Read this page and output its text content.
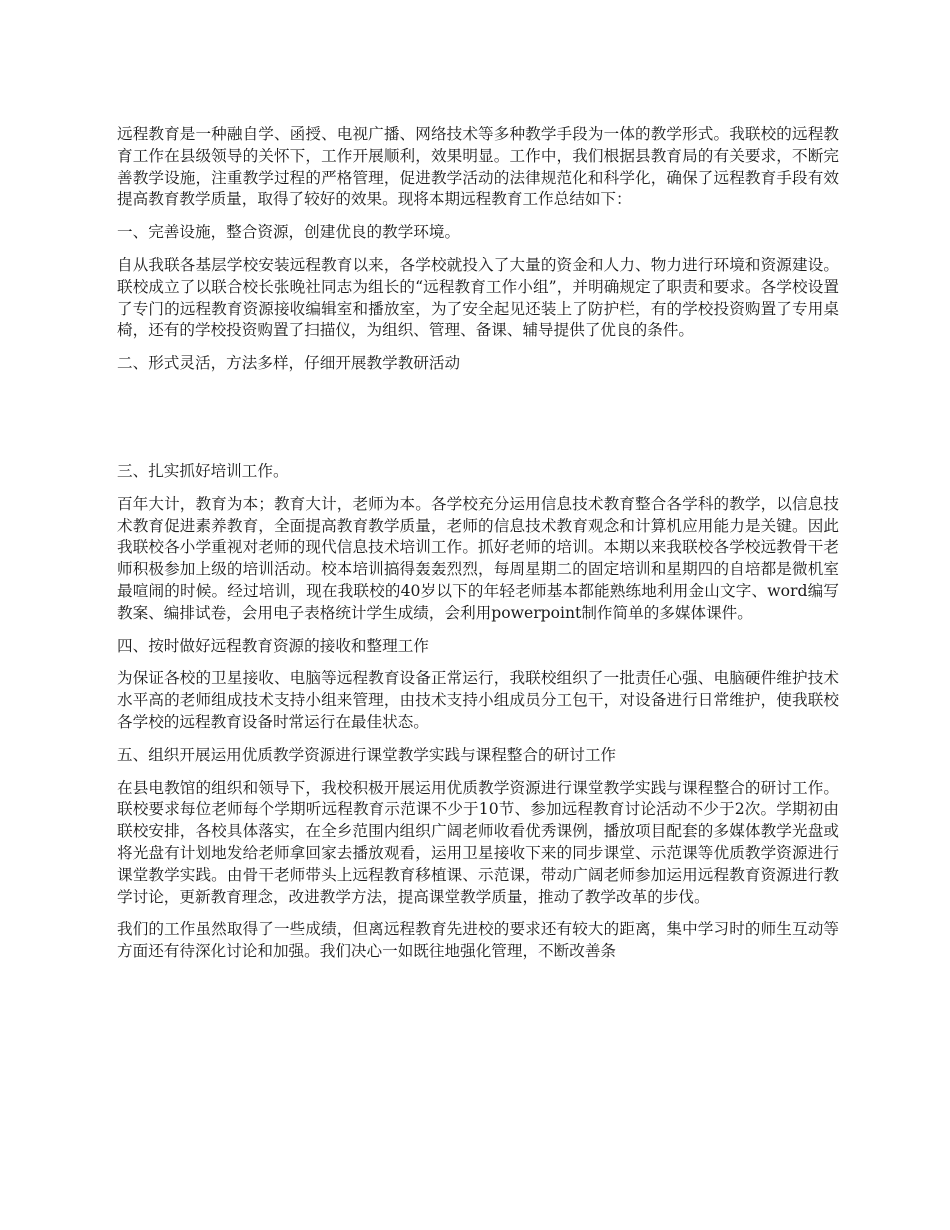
远程教育是一种融自学、函授、电视广播、网络技术等多种教学手段为一体的教学形式。我联校的远程教育工作在县级领导的关怀下，工作开展顺利，效果明显。工作中，我们根据县教育局的有关要求，不断完善教学设施，注重教学过程的严格管理，促进教学活动的法律规范化和科学化，确保了远程教育手段有效提高教育教学质量，取得了较好的效果。现将本期远程教育工作总结如下：

一、完善设施，整合资源，创建优良的教学环境。

自从我联各基层学校安装远程教育以来，各学校就投入了大量的资金和人力、物力进行环境和资源建设。联校成立了以联合校长张晚社同志为组长的“远程教育工作小组”，并明确规定了职责和要求。各学校设置了专门的远程教育资源接收编辑室和播放室，为了安全起见还装上了防护栏，有的学校投资购置了专用桌椅，还有的学校投资购置了扫描仪，为组织、管理、备课、辅导提供了优良的条件。

二、形式灵活，方法多样，仔细开展教学教研活动

三、扎实抓好培训工作。

百年大计，教育为本；教育大计，老师为本。各学校充分运用信息技术教育整合各学科的教学，以信息技术教育促进素养教育，全面提高教育教学质量，老师的信息技术教育观念和计算机应用能力是关键。因此我联校各小学重视对老师的现代信息技术培训工作。抓好老师的培训。本期以来我联校各学校远教骨干老师积极参加上级的培训活动。校本培训搞得轰轰烈烈，每周星期二的固定培训和星期四的自培都是微机室最喧闹的时候。经过培训，现在我联校的40岁以下的年轻老师基本都能熟练地利用金山文字、word编写教案、编排试卷，会用电子表格统计学生成绩，会利用powerpoint制作简单的多媒体课件。

四、按时做好远程教育资源的接收和整理工作

为保证各校的卫星接收、电脑等远程教育设备正常运行，我联校组织了一批责任心强、电脑硬件维护技术水平高的老师组成技术支持小组来管理，由技术支持小组成员分工包干，对设备进行日常维护，使我联校各学校的远程教育设备时常运行在最佳状态。

五、组织开展运用优质教学资源进行课堂教学实践与课程整合的研讨工作

在县电教馆的组织和领导下，我校积极开展运用优质教学资源进行课堂教学实践与课程整合的研讨工作。联校要求每位老师每个学期听远程教育示范课不少于10节、参加远程教育讨论活动不少于2次。学期初由联校安排，各校具体落实，在全乡范围内组织广阔老师收看优秀课例，播放项目配套的多媒体教学光盘或将光盘有计划地发给老师拿回家去播放观看，运用卫星接收下来的同步课堂、示范课等优质教学资源进行课堂教学实践。由骨干老师带头上远程教育移植课、示范课，带动广阔老师参加运用远程教育资源进行教学讨论，更新教育理念，改进教学方法，提高课堂教学质量，推动了教学改革的步伐。

我们的工作虽然取得了一些成绩，但离远程教育先进校的要求还有较大的距离，集中学习时的师生互动等方面还有待深化讨论和加强。我们决心一如既往地强化管理，不断改善条
